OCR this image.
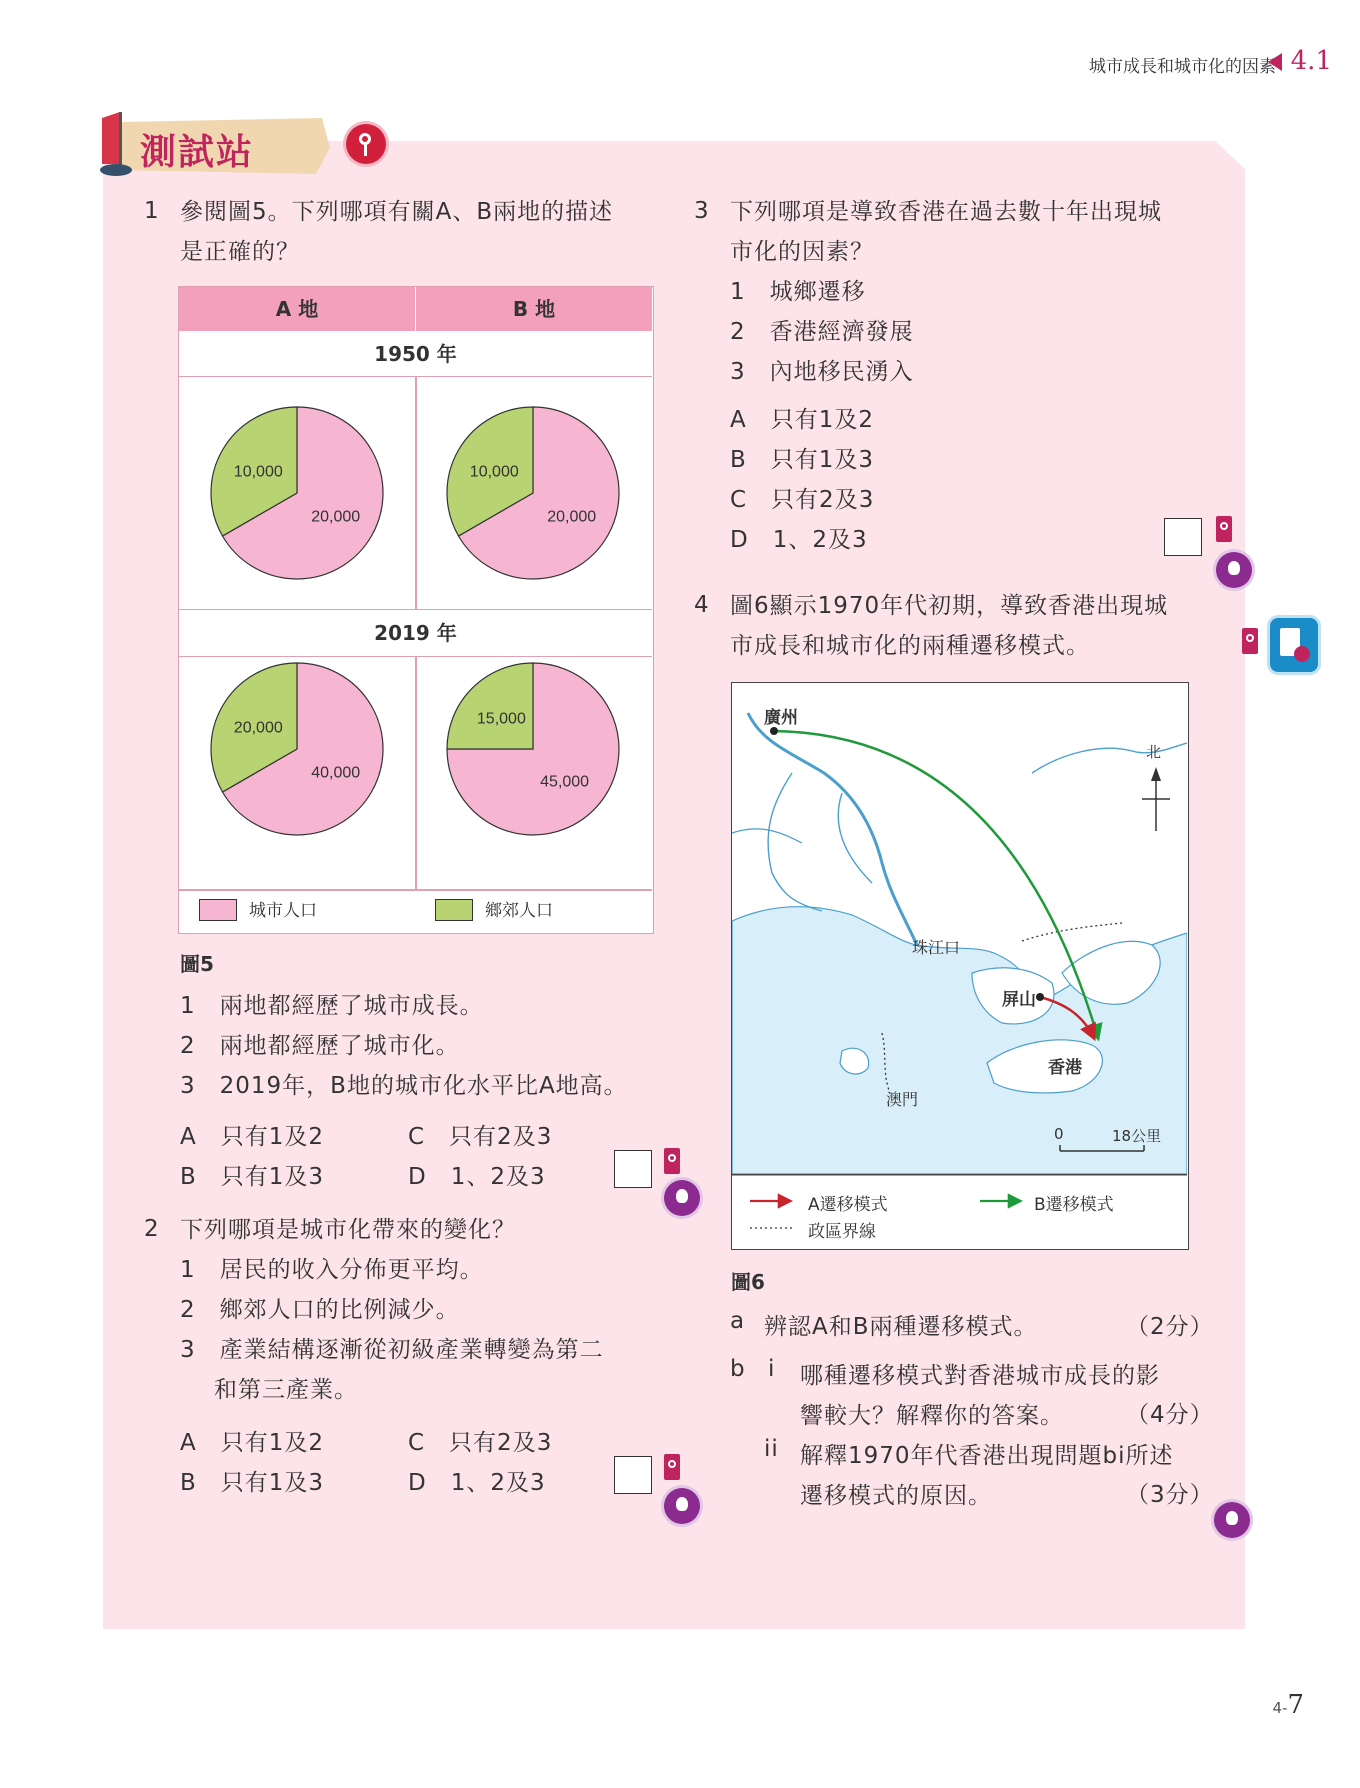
城市成長和城市化的因素 4.1
測試站
1 參閱圖5。下列哪項有關A、B兩地的描述
是正確的？
A 地	B 地
1950 年
2019 年
城市人口	鄉郊人口
10,000
20,000
10,000
20,000
20,000
40,000
15,000
45,000
圖5
1　兩地都經歷了城市成長。
2　兩地都經歷了城市化。
3　2019年，B地的城市化水平比A地高。
A　只有1及2
B　只有1及3
C　只有2及3
D　1、2及3
2 下列哪項是城市化帶來的變化？
1　居民的收入分佈更平均。
2　鄉郊人口的比例減少。
3　產業結構逐漸從初級產業轉變為第二
和第三產業。
A　只有1及2
B　只有1及3
C　只有2及3
D　1、2及3
3 下列哪項是導致香港在過去數十年出現城
市化的因素？
1　城鄉遷移
2　香港經濟發展
3　內地移民湧入
A　只有1及2
B　只有1及3
C　只有2及3
D　1、2及3
4 圖6顯示1970年代初期，導致香港出現城
市成長和城市化的兩種遷移模式。
廣州
北
珠江口
屏山
香港
澳門
0	18公里
A遷移模式	B遷移模式
政區界線
圖6
a 辨認A和B兩種遷移模式。	（2分）
b i 哪種遷移模式對香港城市成長的影
響較大？解釋你的答案。	（4分）
ii 解釋1970年代香港出現問題bi所述
遷移模式的原因。	（3分）
4-7
